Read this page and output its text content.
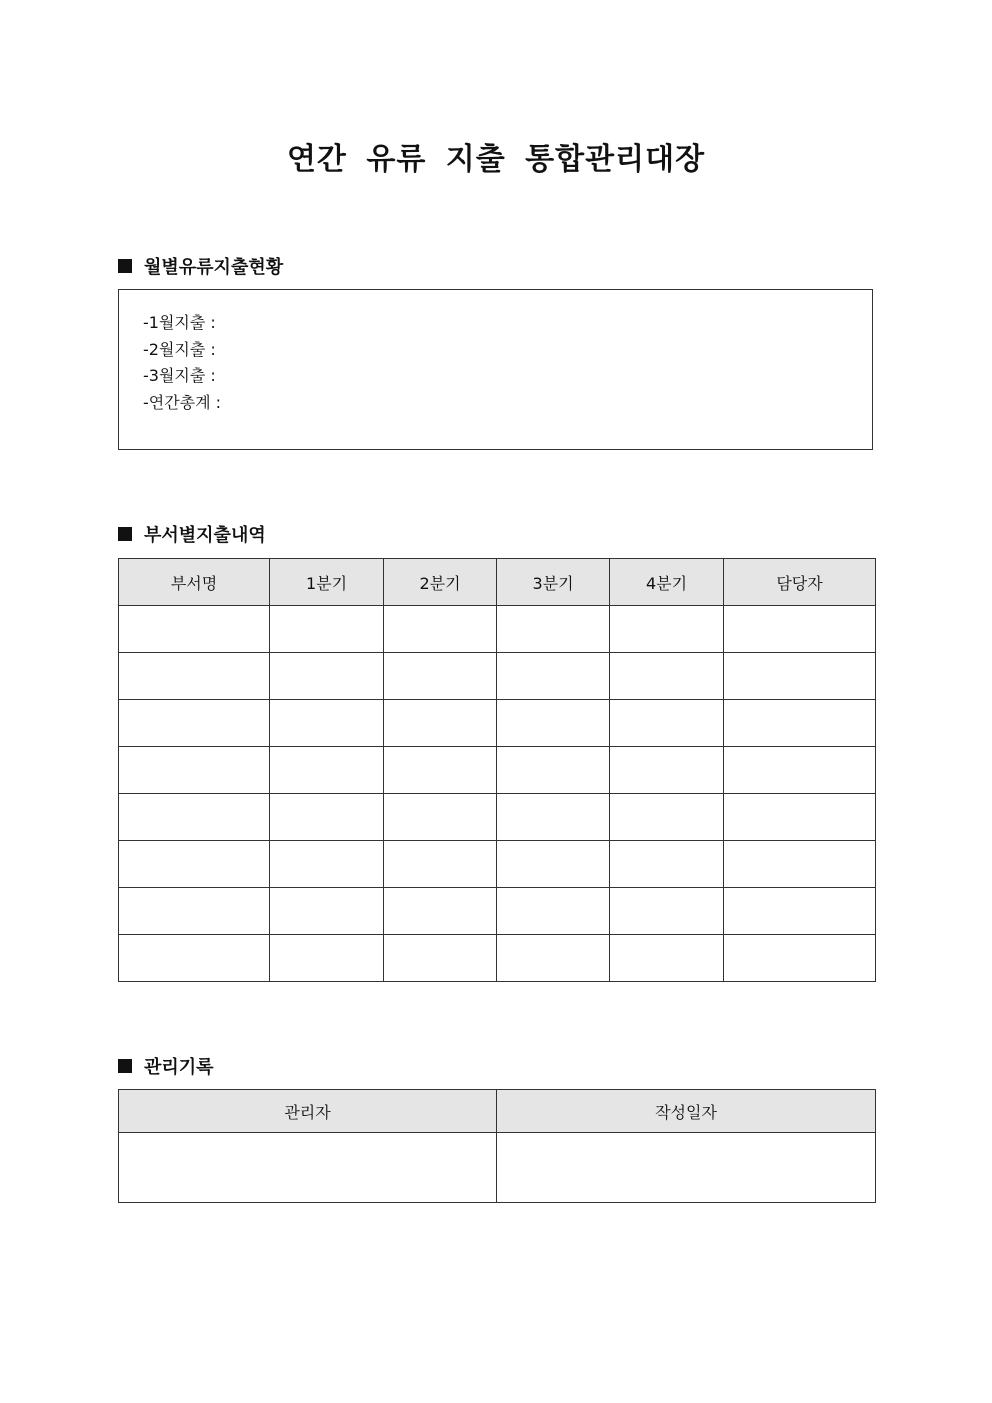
연간 유류 지출 통합관리대장
월별유류지출현황
-1월지출 :
-2월지출 :
-3월지출 :
-연간총계 :
부서별지출내역
부서명	1분기	2분기	3분기	4분기	담당자

관리기록
관리자	작성일자
